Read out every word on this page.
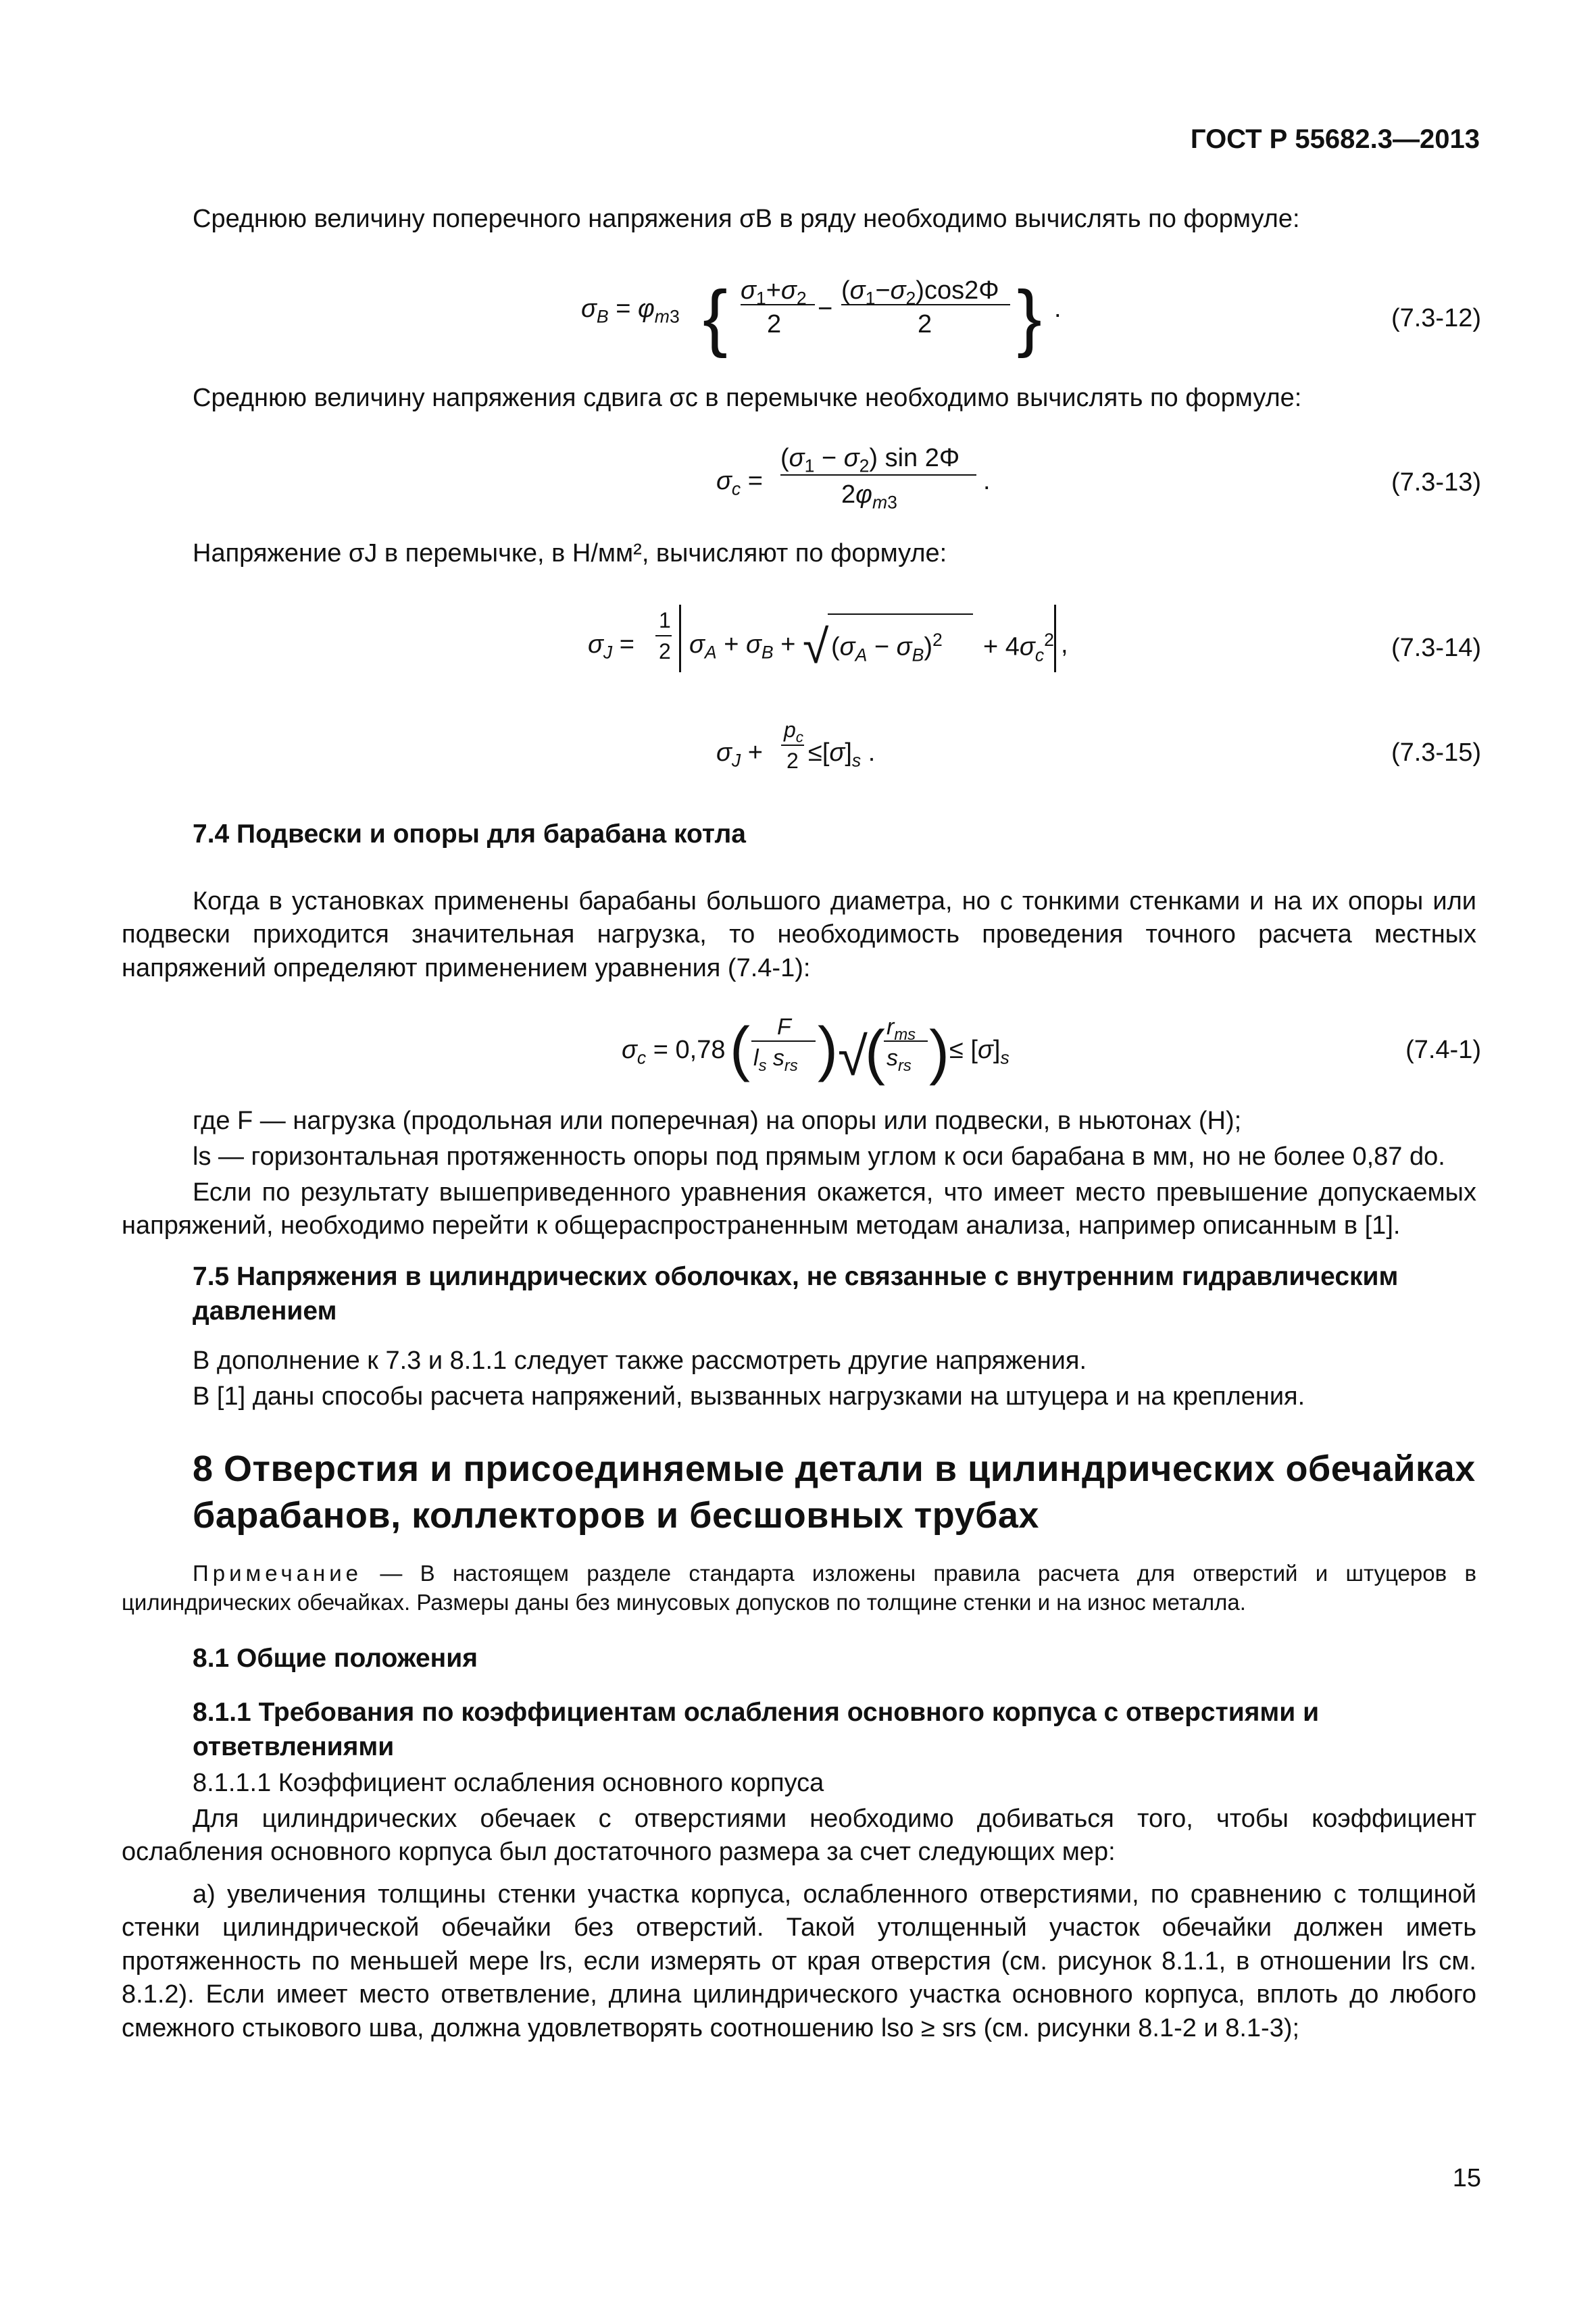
ГОСТ Р 55682.3—2013
Среднюю величину поперечного напряжения σB в ряду необходимо вычислять по формуле:
$\sigma_B = \varphi_{m3}$ { $\sigma_1+\sigma_2$
2
−
$(\sigma_1-\sigma_2)\cos 2\Phi$
2 } .	(7.3-12)
Среднюю величину напряжения сдвига σc в перемычке необходимо вычислять по формуле:
$\sigma_c$ =
$(\sigma_1 - \sigma_2)$ sin 2Φ
$2\varphi_{m3}$
.	(7.3-13)
Напряжение σJ в перемычке, в Н/мм², вычисляют по формуле:
$\sigma_J$ =
1
2 $\sigma_A + \sigma_B$ + √ $(\sigma_A - \sigma_B)^2 + 4\sigma_c^2$ ,	(7.3-14)
$\sigma_J$ +
$p_c$
$2 \le[\sigma]_s$ .	(7.3-15)
7.4 Подвески и опоры для барабана котла
Когда в установках применены барабаны большого диаметра, но с тонкими стенками и на их опоры или подвески приходится значительная нагрузка, то необходимость проведения точного расчета местных напряжений определяют применением уравнения (7.4-1):
$\sigma_c = 0,78$ ( F
$l_s$ $s_{rs}$ ) √
( $r_{ms}$
$s_{rs}$ ) ≤ $[\sigma]_s$	(7.4-1)
где F — нагрузка (продольная или поперечная) на опоры или подвески, в ньютонах (Н);
ls — горизонтальная протяженность опоры под прямым углом к оси барабана в мм, но не более 0,87 do.
Если по результату вышеприведенного уравнения окажется, что имеет место превышение допускаемых напряжений, необходимо перейти к общераспространенным методам анализа, например описанным в [1].
7.5 Напряжения в цилиндрических оболочках, не связанные с внутренним гидравлическим давлением
В дополнение к 7.3 и 8.1.1 следует также рассмотреть другие напряжения.
В [1] даны способы расчета напряжений, вызванных нагрузками на штуцера и на крепления.
8 Отверстия и присоединяемые детали в цилиндрических обечайках барабанов, коллекторов и бесшовных трубах
Примечание — В настоящем разделе стандарта изложены правила расчета для отверстий и штуцеров в цилиндрических обечайках. Размеры даны без минусовых допусков по толщине стенки и на износ металла.
8.1 Общие положения
8.1.1 Требования по коэффициентам ослабления основного корпуса с отверстиями и ответвлениями
8.1.1.1 Коэффициент ослабления основного корпуса
Для цилиндрических обечаек с отверстиями необходимо добиваться того, чтобы коэффициент ослабления основного корпуса был достаточного размера за счет следующих мер:
а) увеличения толщины стенки участка корпуса, ослабленного отверстиями, по сравнению с толщиной стенки цилиндрической обечайки без отверстий. Такой утолщенный участок обечайки должен иметь протяженность по меньшей мере lrs, если измерять от края отверстия (см. рисунок 8.1.1, в отношении lrs см. 8.1.2). Если имеет место ответвление, длина цилиндрического участка основного корпуса, вплоть до любого смежного стыкового шва, должна удовлетворять соотношению lso ≥ srs (см. рисунки 8.1-2 и 8.1-3);
15
